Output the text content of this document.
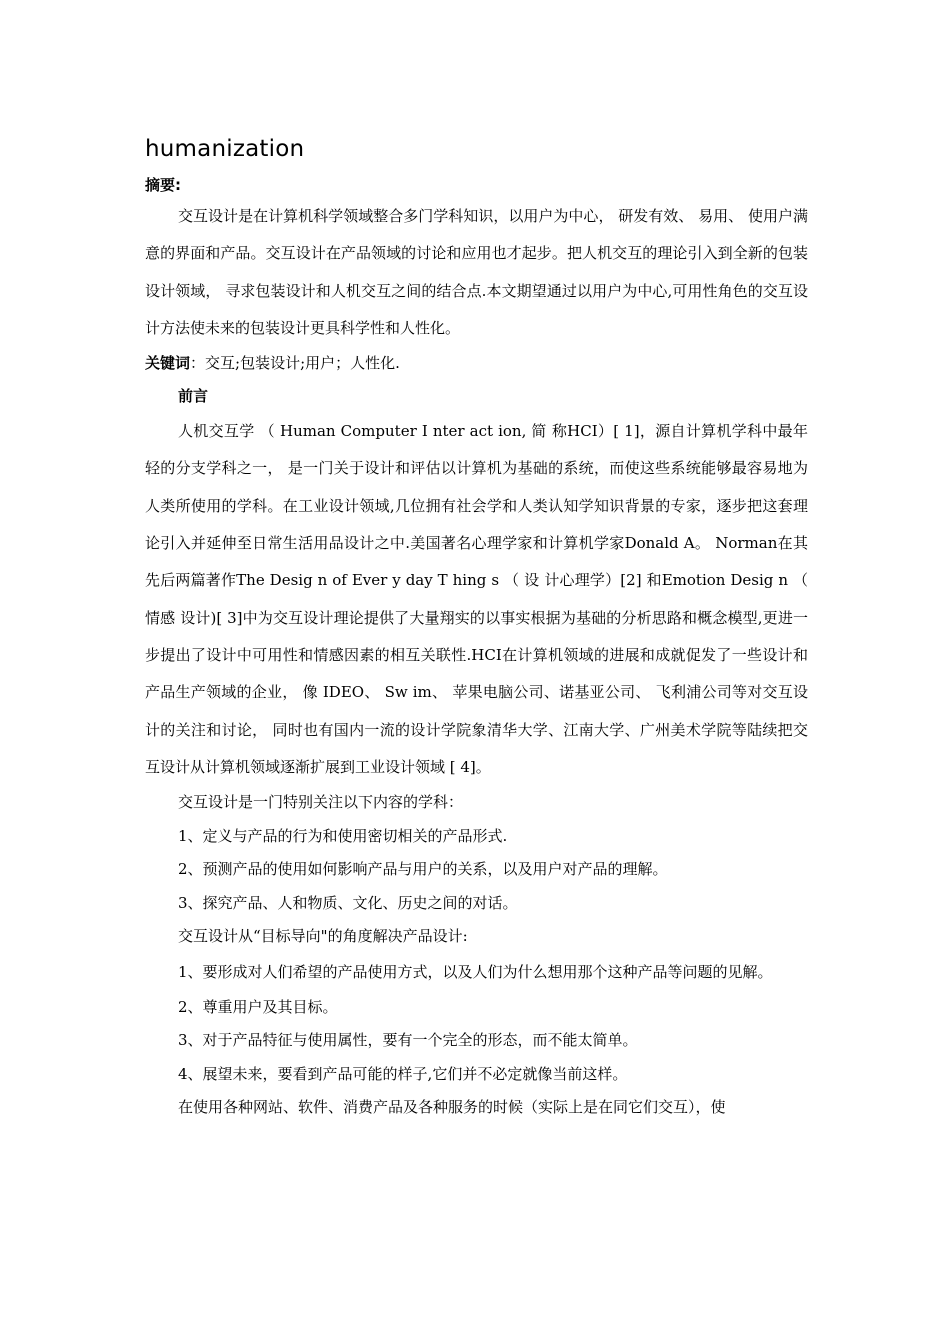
humanization
摘要:

交互设计是在计算机科学领域整合多门学科知识，以用户为中心， 研发有效、 易用、 使用户满意的界面和产品。交互设计在产品领域的讨论和应用也才起步。把人机交互的理论引入到全新的包装设计领域， 寻求包装设计和人机交互之间的结合点.本文期望通过以用户为中心,可用性角色的交互设计方法使未来的包装设计更具科学性和人性化。

关键词：交互;包装设计;用户；人性化.

前言

人机交互学 （ Human Computer I nter act ion, 简 称HCI）[ 1]，源自计算机学科中最年轻的分支学科之一， 是一门关于设计和评估以计算机为基础的系统，而使这些系统能够最容易地为人类所使用的学科。在工业设计领域,几位拥有社会学和人类认知学知识背景的专家，逐步把这套理论引入并延伸至日常生活用品设计之中.美国著名心理学家和计算机学家Donald A。 Norman在其先后两篇著作The Desig n of Ever y day T hing s （ 设 计心理学）[2] 和Emotion Desig n （ 情感 设计)[ 3]中为交互设计理论提供了大量翔实的以事实根据为基础的分析思路和概念模型,更进一步提出了设计中可用性和情感因素的相互关联性.HCI在计算机领域的进展和成就促发了一些设计和产品生产领域的企业， 像 IDEO、 Sw im、 苹果电脑公司、诺基亚公司、 飞利浦公司等对交互设计的关注和讨论， 同时也有国内一流的设计学院象清华大学、江南大学、广州美术学院等陆续把交互设计从计算机领域逐渐扩展到工业设计领域 [ 4]。

交互设计是一门特别关注以下内容的学科：

1、定义与产品的行为和使用密切相关的产品形式.

2、预测产品的使用如何影响产品与用户的关系，以及用户对产品的理解。

3、探究产品、人和物质、文化、历史之间的对话。

交互设计从“目标导向"的角度解决产品设计:

1、要形成对人们希望的产品使用方式，以及人们为什么想用那个这种产品等问题的见解。

2、尊重用户及其目标。

3、对于产品特征与使用属性，要有一个完全的形态，而不能太简单。

4、展望未来，要看到产品可能的样子,它们并不必定就像当前这样。

在使用各种网站、软件、消费产品及各种服务的时候（实际上是在同它们交互），使
